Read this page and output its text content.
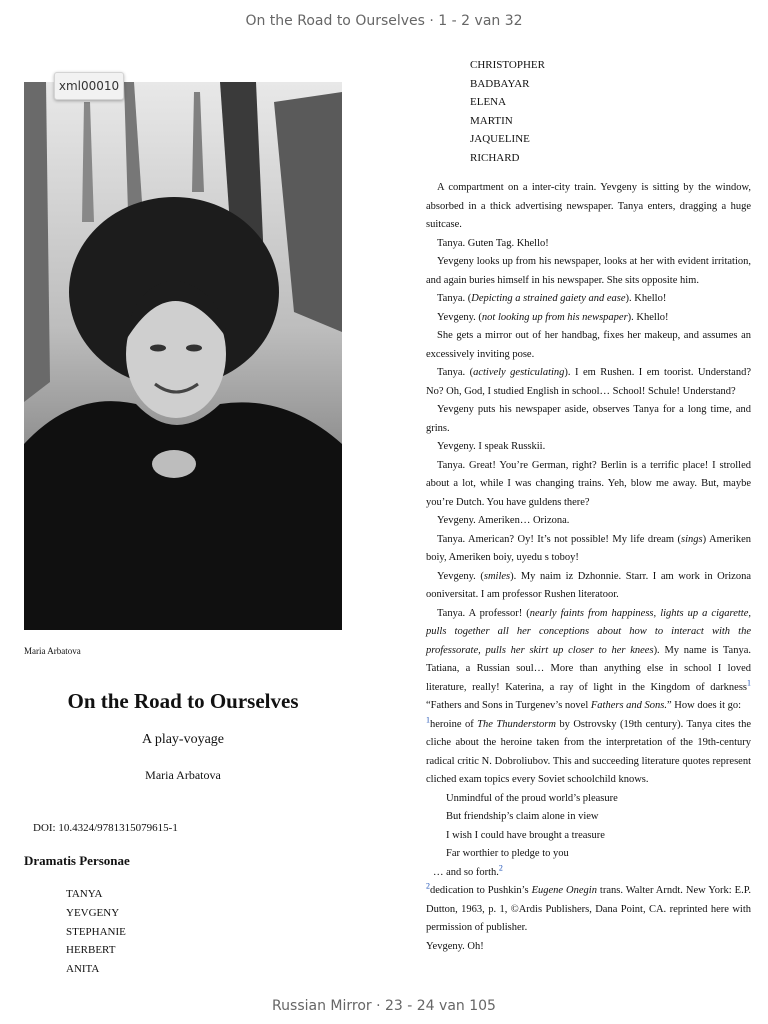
On the Road to Ourselves · 1 - 2 van 32
xml00010
Maria Arbatova
On the Road to Ourselves
A play-voyage
Maria Arbatova
DOI: 10.4324/9781315079615-1
Dramatis Personae
TANYA
YEVGENY
STEPHANIE
HERBERT
ANITA
CHRISTOPHER
BADBAYAR
ELENA
MARTIN
JAQUELINE
RICHARD

A compartment on a inter-city train. Yevgeny is sitting by the window, absorbed in a thick advertising newspaper. Tanya enters, dragging a huge suitcase.

Tanya. Guten Tag. Khello!

Yevgeny looks up from his newspaper, looks at her with evident irritation, and again buries himself in his newspaper. She sits opposite him.

Tanya. (Depicting a strained gaiety and ease). Khello!

Yevgeny. (not looking up from his newspaper). Khello!

She gets a mirror out of her handbag, fixes her makeup, and assumes an excessively inviting pose.

Tanya. (actively gesticulating). I em Rushen. I em toorist. Understand? No? Oh, God, I studied English in school… School! Schule! Understand?

Yevgeny puts his newspaper aside, observes Tanya for a long time, and grins.

Yevgeny. I speak Russkii.

Tanya. Great! You’re German, right? Berlin is a terrific place! I strolled about a lot, while I was changing trains. Yeh, blow me away. But, maybe you’re Dutch. You have guldens there?

Yevgeny. Ameriken… Orizona.

Tanya. American? Oy! It’s not possible! My life dream (sings) Ameriken boiy, Ameriken boiy, uyedu s toboy!

Yevgeny. (smiles). My naim iz Dzhonnie. Starr. I am work in Orizona ooniversitat. I am professor Rushen literatoor.

Tanya. A professor! (nearly faints from happiness, lights up a cigarette, pulls together all her conceptions about how to interact with the professorate, pulls her skirt up closer to her knees). My name is Tanya. Tatiana, a Russian soul… More than anything else in school I loved literature, really! Katerina, a ray of light in the Kingdom of darkness$^1$ “Fathers and Sons in Turgenev’s novel Fathers and Sons.” How does it go:

$^1$heroine of The Thunderstorm by Ostrovsky (19th century). Tanya cites the cliche about the heroine taken from the interpretation of the 19th-century radical critic N. Dobroliubov. This and succeeding literature quotes represent cliched exam topics every Soviet schoolchild knows.

Unmindful of the proud world’s pleasure

But friendship’s claim alone in view

I wish I could have brought a treasure

Far worthier to pledge to you

… and so forth.$^2$

$^2$dedication to Pushkin’s Eugene Onegin trans. Walter Arndt. New York: E.P. Dutton, 1963, p. 1, ©Ardis Publishers, Dana Point, CA. reprinted here with permission of publisher.

Yevgeny. Oh!

Russian Mirror · 23 - 24 van 105
